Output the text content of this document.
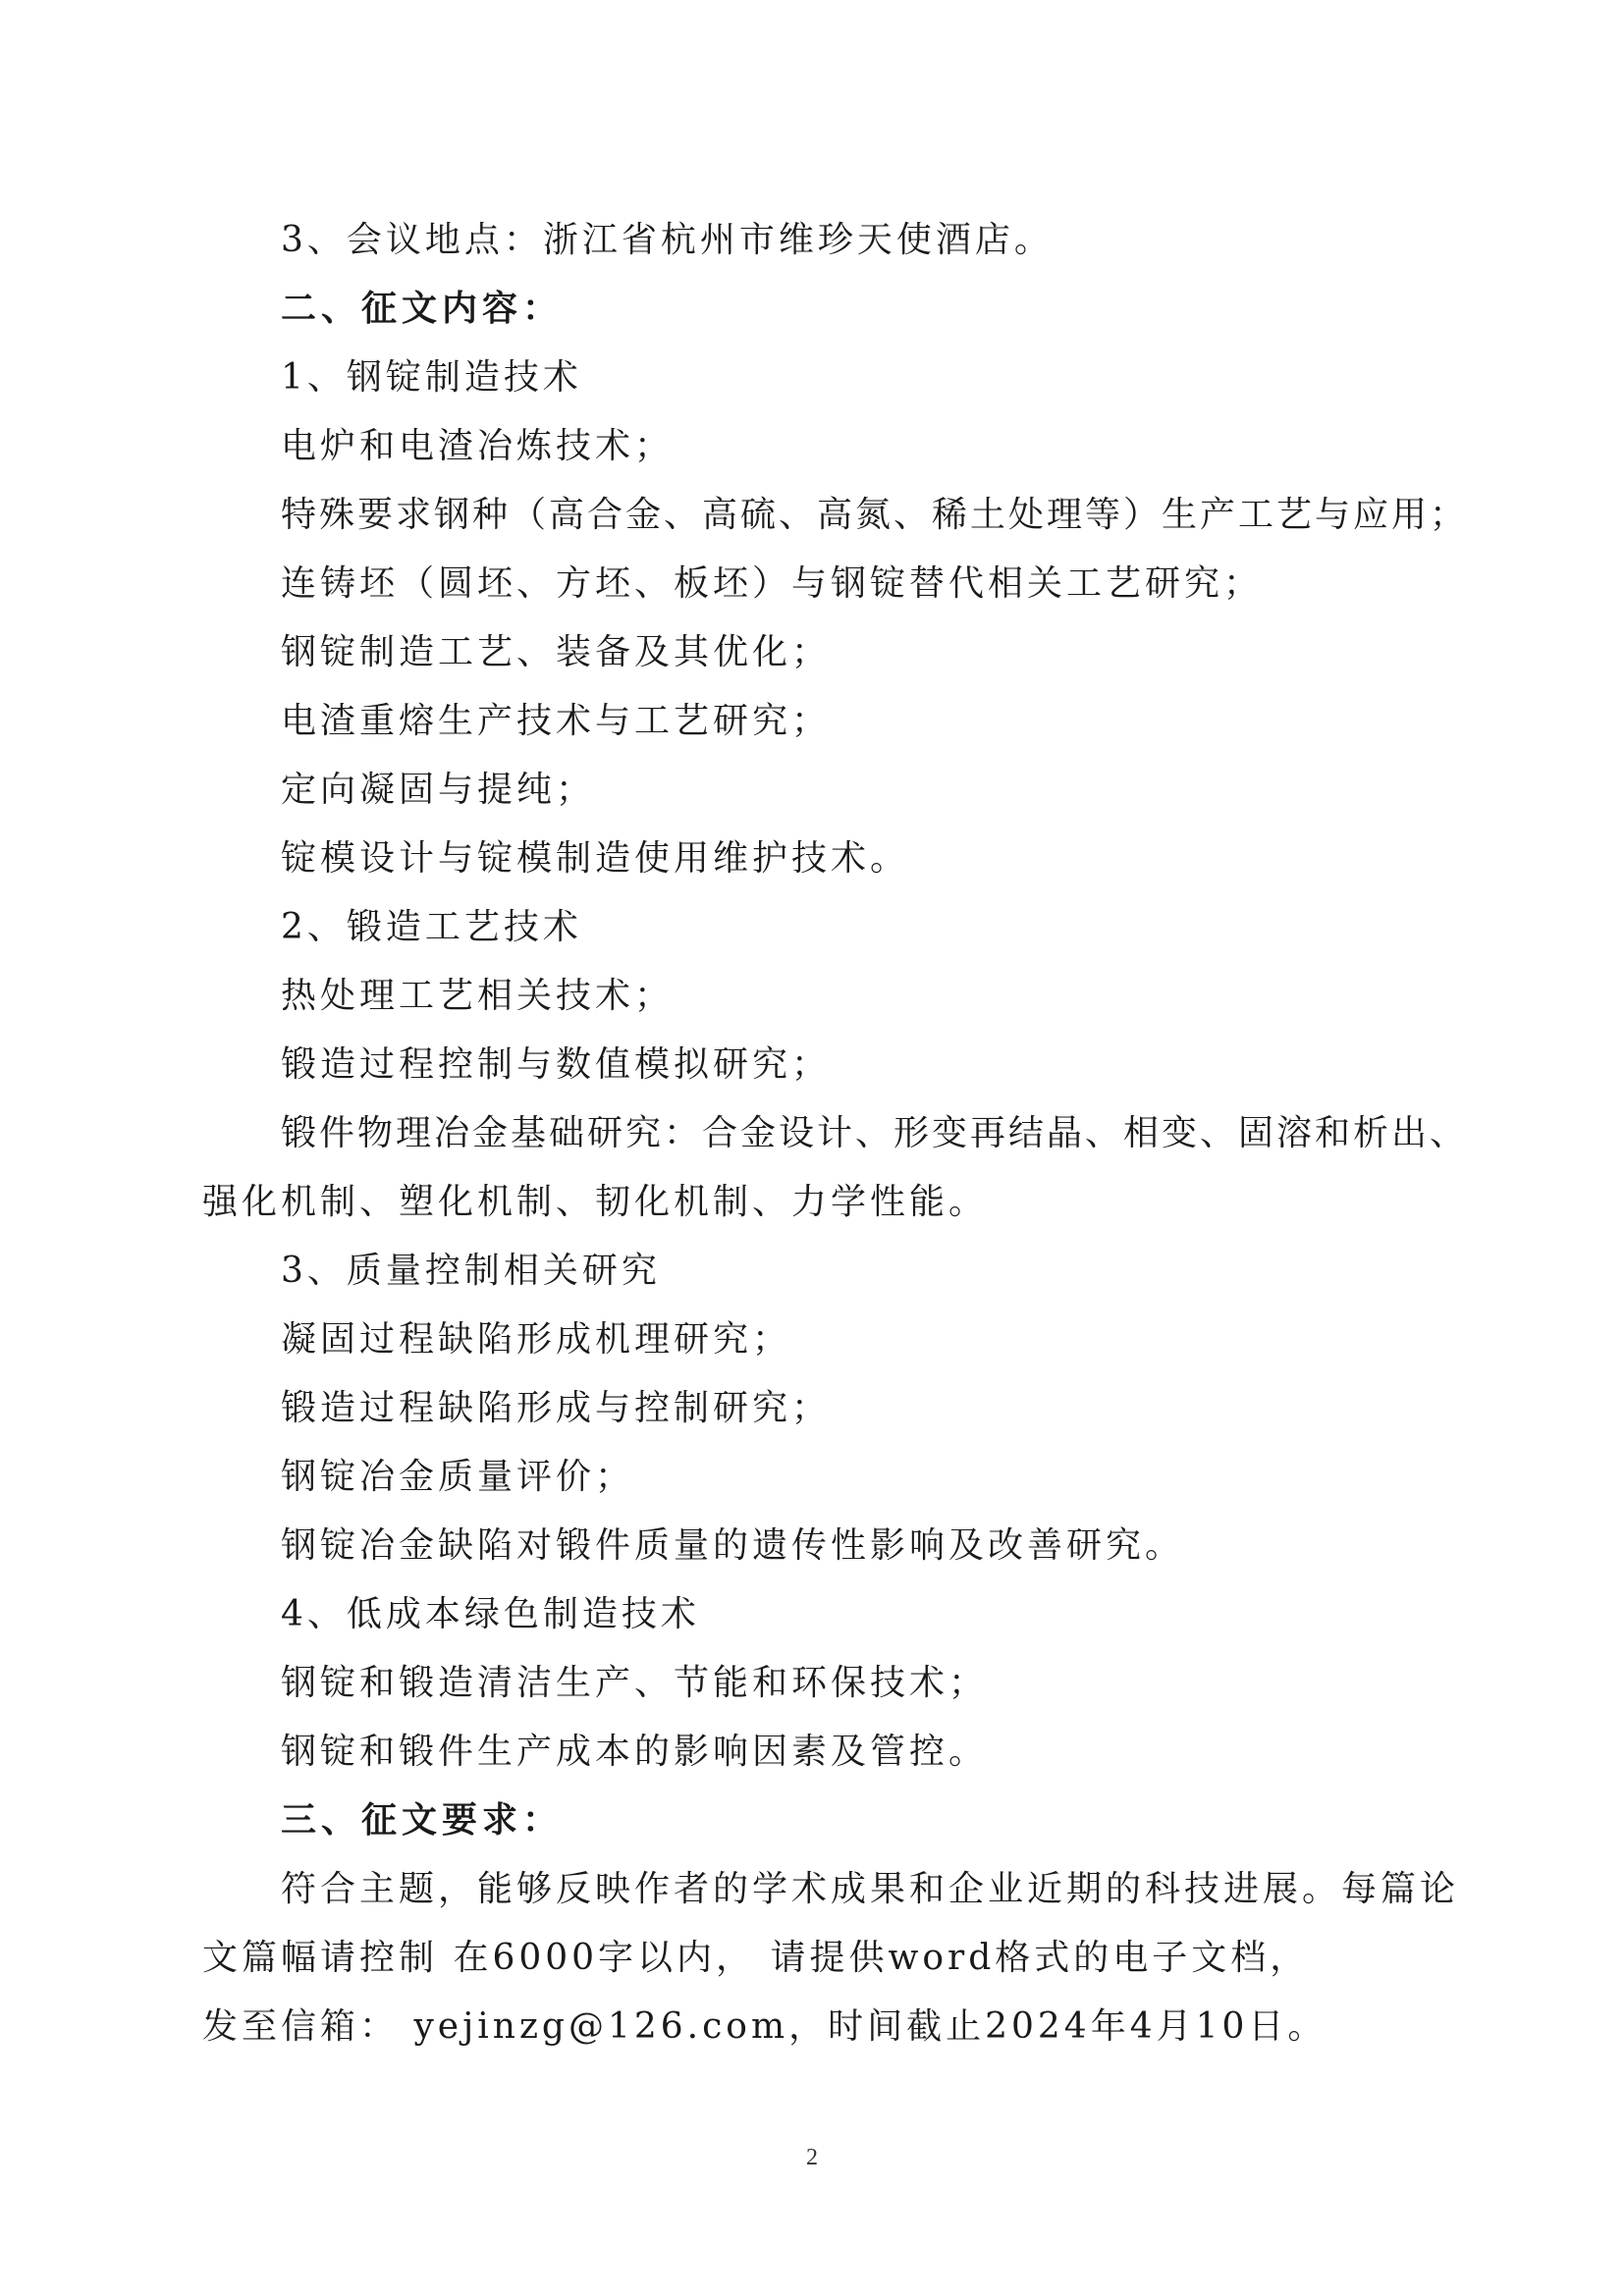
3、会议地点：浙江省杭州市维珍天使酒店。
二、征文内容：
1、钢锭制造技术
电炉和电渣冶炼技术；
特殊要求钢种（高合金、高硫、高氮、稀土处理等）生产工艺与应用；
连铸坯（圆坯、方坯、板坯）与钢锭替代相关工艺研究；
钢锭制造工艺、装备及其优化；
电渣重熔生产技术与工艺研究；
定向凝固与提纯；
锭模设计与锭模制造使用维护技术。
2、锻造工艺技术
热处理工艺相关技术；
锻造过程控制与数值模拟研究；
锻件物理冶金基础研究：合金设计、形变再结晶、相变、固溶和析出、
强化机制、塑化机制、韧化机制、力学性能。
3、质量控制相关研究
凝固过程缺陷形成机理研究；
锻造过程缺陷形成与控制研究；
钢锭冶金质量评价；
钢锭冶金缺陷对锻件质量的遗传性影响及改善研究。
4、低成本绿色制造技术
钢锭和锻造清洁生产、节能和环保技术；
钢锭和锻件生产成本的影响因素及管控。
三、征文要求：
符合主题，能够反映作者的学术成果和企业近期的科技进展。每篇论
文篇幅请控制 在6000字以内， 请提供word格式的电子文档，
发至信箱： yejinzg@126.com，时间截止2024年4月10日。
2
